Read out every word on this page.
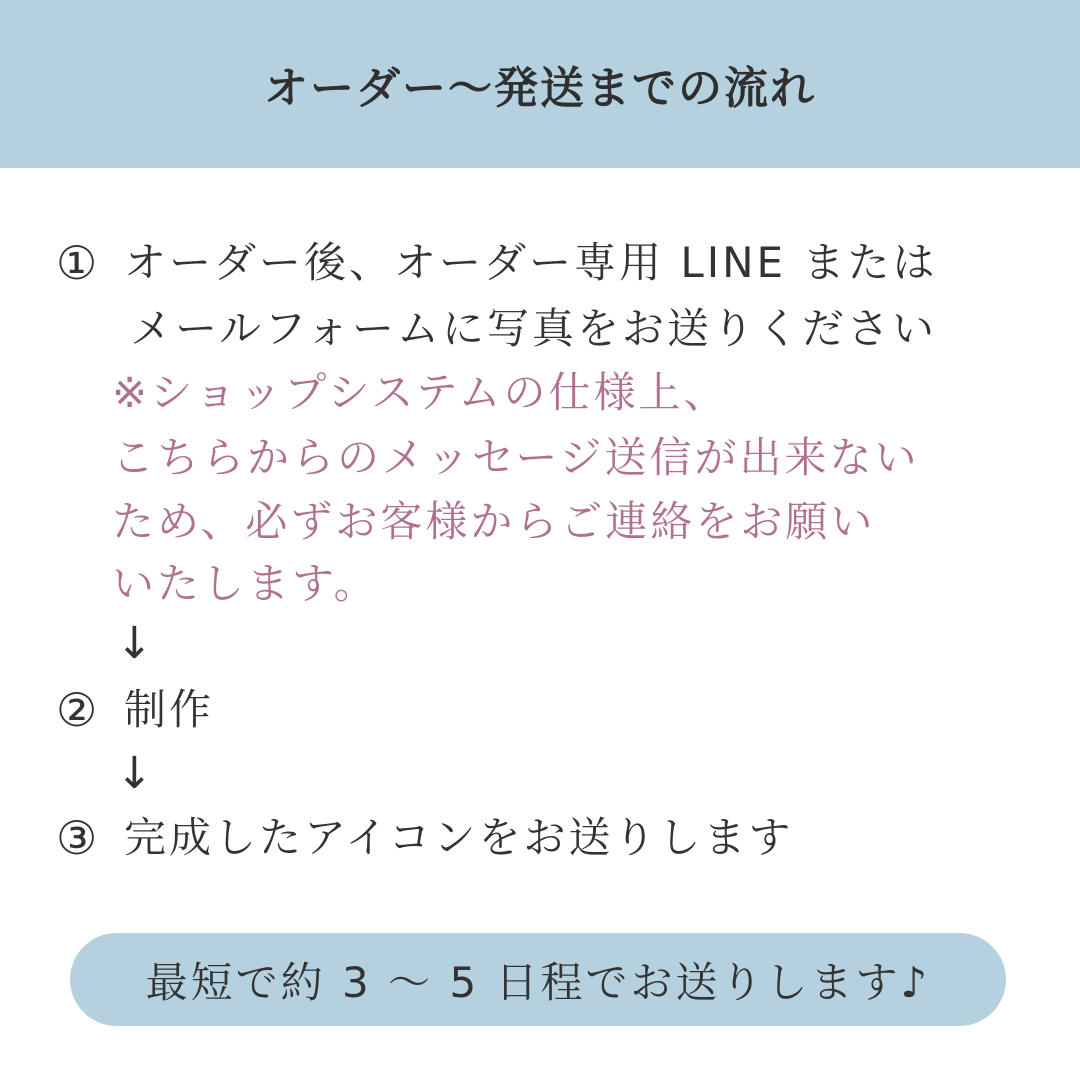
オーダー～発送までの流れ
① オーダー後、オーダー専用 LINE または
メールフォームに写真をお送りください
※ショップシステムの仕様上、
こちらからのメッセージ送信が出来ない
ため、必ずお客様からご連絡をお願い
いたします。
↓
② 制作
↓
③ 完成したアイコンをお送りします
最短で約 3 ～ 5 日程でお送りします♪
